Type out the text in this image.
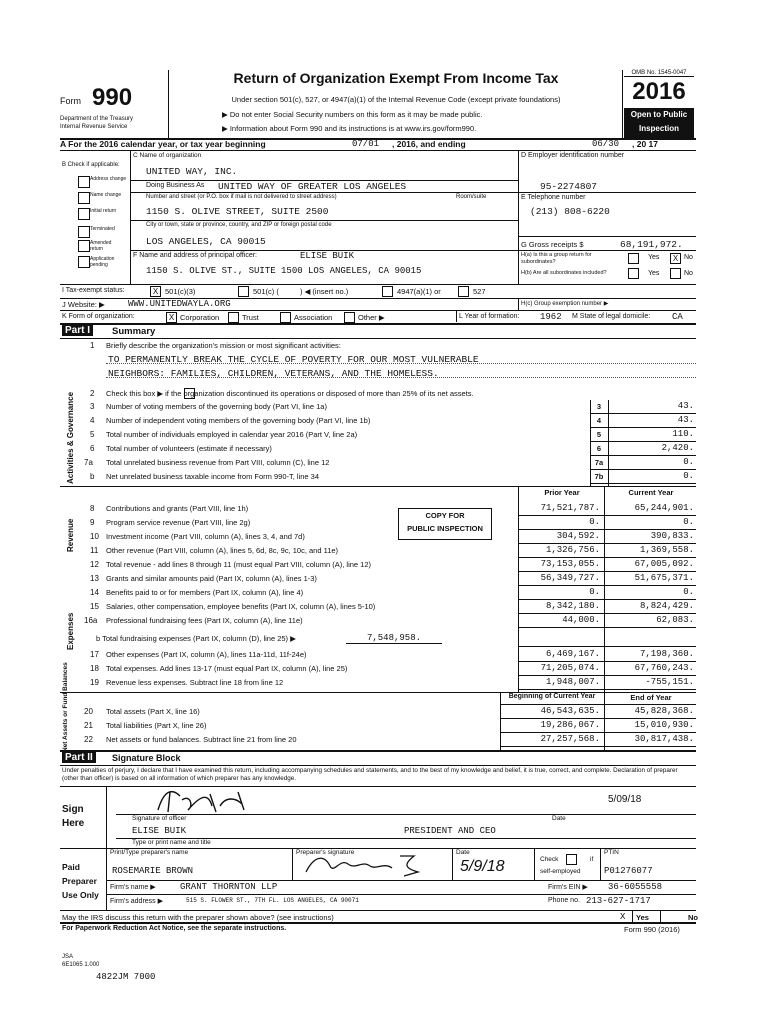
Form 990
Department of the Treasury
Internal Revenue Service
Return of Organization Exempt From Income Tax
Under section 501(c), 527, or 4947(a)(1) of the Internal Revenue Code (except private foundations)
▶ Do not enter Social Security numbers on this form as it may be made public.
▶ Information about Form 990 and its instructions is at www.irs.gov/form990.
OMB No. 1545-0047
2016
Open to Public
Inspection
A For the 2016 calendar year, or tax year beginning	07/01 , 2016, and ending	06/30 , 20 17
B Check if applicable:
Address change
Name change
Initial return
Terminated
Amended return
Application pending
C Name of organization
UNITED WAY, INC.
Doing Business As UNITED WAY OF GREATER LOS ANGELES
Number and street (or P.O. box if mail is not delivered to street address)	Room/suite
1150 S. OLIVE STREET, SUITE 2500
City or town, state or province, country, and ZIP or foreign postal code
LOS ANGELES, CA 90015
F Name and address of principal officer:	ELISE BUIK
1150 S. OLIVE ST., SUITE 1500 LOS ANGELES, CA 90015
D Employer identification number
95-2274807
E Telephone number
(213) 808-6220
G Gross receipts $	68,191,972.
H(a) Is this a group return for subordinates?
Yes	X No
H(b) Are all subordinates included?	Yes	No
I Tax-exempt status:	X 501(c)(3)	501(c) (	) ◀ (insert no.)	4947(a)(1) or	527
J Website: ▶	WWW.UNITEDWAYLA.ORG	H(c) Group exemption number ▶
K Form of organization:	X Corporation	Trust	Association	Other ▶	L Year of formation: 1962 M State of legal domicile: CA
Part I	Summary
Activities & Governance
1 Briefly describe the organization's mission or most significant activities:
TO PERMANENTLY BREAK THE CYCLE OF POVERTY FOR OUR MOST VULNERABLE
NEIGHBORS: FAMILIES, CHILDREN, VETERANS, AND THE HOMELESS.
2 Check this box ▶ if the organization discontinued its operations or disposed of more than 25% of its net assets.
3 Number of voting members of the governing body (Part VI, line 1a)	3	43.
4 Number of independent voting members of the governing body (Part VI, line 1b)	4	43.
5 Total number of individuals employed in calendar year 2016 (Part V, line 2a)	5	110.
6 Total number of volunteers (estimate if necessary)	6	2,420.
7a Total unrelated business revenue from Part VIII, column (C), line 12	7a	0.
b Net unrelated business taxable income from Form 990-T, line 34	7b	0.
Prior Year	Current Year
Revenue
Expenses
Net Assets or Fund Balances
COPY FOR
PUBLIC INSPECTION
8 Contributions and grants (Part VIII, line 1h)	71,521,787.	65,244,901.
9 Program service revenue (Part VIII, line 2g)	0.	0.
10 Investment income (Part VIII, column (A), lines 3, 4, and 7d)	304,592.	390,833.
11 Other revenue (Part VIII, column (A), lines 5, 6d, 8c, 9c, 10c, and 11e)	1,326,756.	1,369,558.
12 Total revenue - add lines 8 through 11 (must equal Part VIII, column (A), line 12)	73,153,055.	67,005,092.
13 Grants and similar amounts paid (Part IX, column (A), lines 1-3)	56,349,727.	51,675,371.
14 Benefits paid to or for members (Part IX, column (A), line 4)	0.	0.
15 Salaries, other compensation, employee benefits (Part IX, column (A), lines 5-10)	8,342,180.	8,824,429.
16a Professional fundraising fees (Part IX, column (A), line 11e)	44,000.	62,083.
b Total fundraising expenses (Part IX, column (D), line 25) ▶	7,548,958.
17 Other expenses (Part IX, column (A), lines 11a-11d, 11f-24e)	6,469,167.	7,198,360.
18 Total expenses. Add lines 13-17 (must equal Part IX, column (A), line 25)	71,205,074.	67,760,243.
19 Revenue less expenses. Subtract line 18 from line 12	1,948,007.	-755,151.
Beginning of Current Year	End of Year
20 Total assets (Part X, line 16)	46,543,635.	45,828,368.
21 Total liabilities (Part X, line 26)	19,286,067.	15,010,930.
22 Net assets or fund balances. Subtract line 21 from line 20	27,257,568.	30,817,438.
Part II	Signature Block
Under penalties of perjury, I declare that I have examined this return, including accompanying schedules and statements, and to the best of my knowledge and belief, it is true, correct, and complete. Declaration of preparer (other than officer) is based on all information of which preparer has any knowledge.
Sign
Here
5/09/18
Signature of officer	Date
ELISE BUIK	PRESIDENT AND CEO
Type or print name and title
Paid
Preparer
Use Only
Print/Type preparer's name	Preparer's signature	Date
Check	if
self-employed
PTIN
ROSEMARIE BROWN	5/9/18	P01276077
Firm's name ▶	GRANT THORNTON LLP	Firm's EIN ▶ 36-6055558
Firm's address ▶	515 S. FLOWER ST., 7TH FL. LOS ANGELES, CA 90071	Phone no. 213-627-1717
May the IRS discuss this return with the preparer shown above? (see instructions)	X Yes	No
For Paperwork Reduction Act Notice, see the separate instructions.	Form 990 (2016)
JSA
6E1065 1.000
4822JM 7000
